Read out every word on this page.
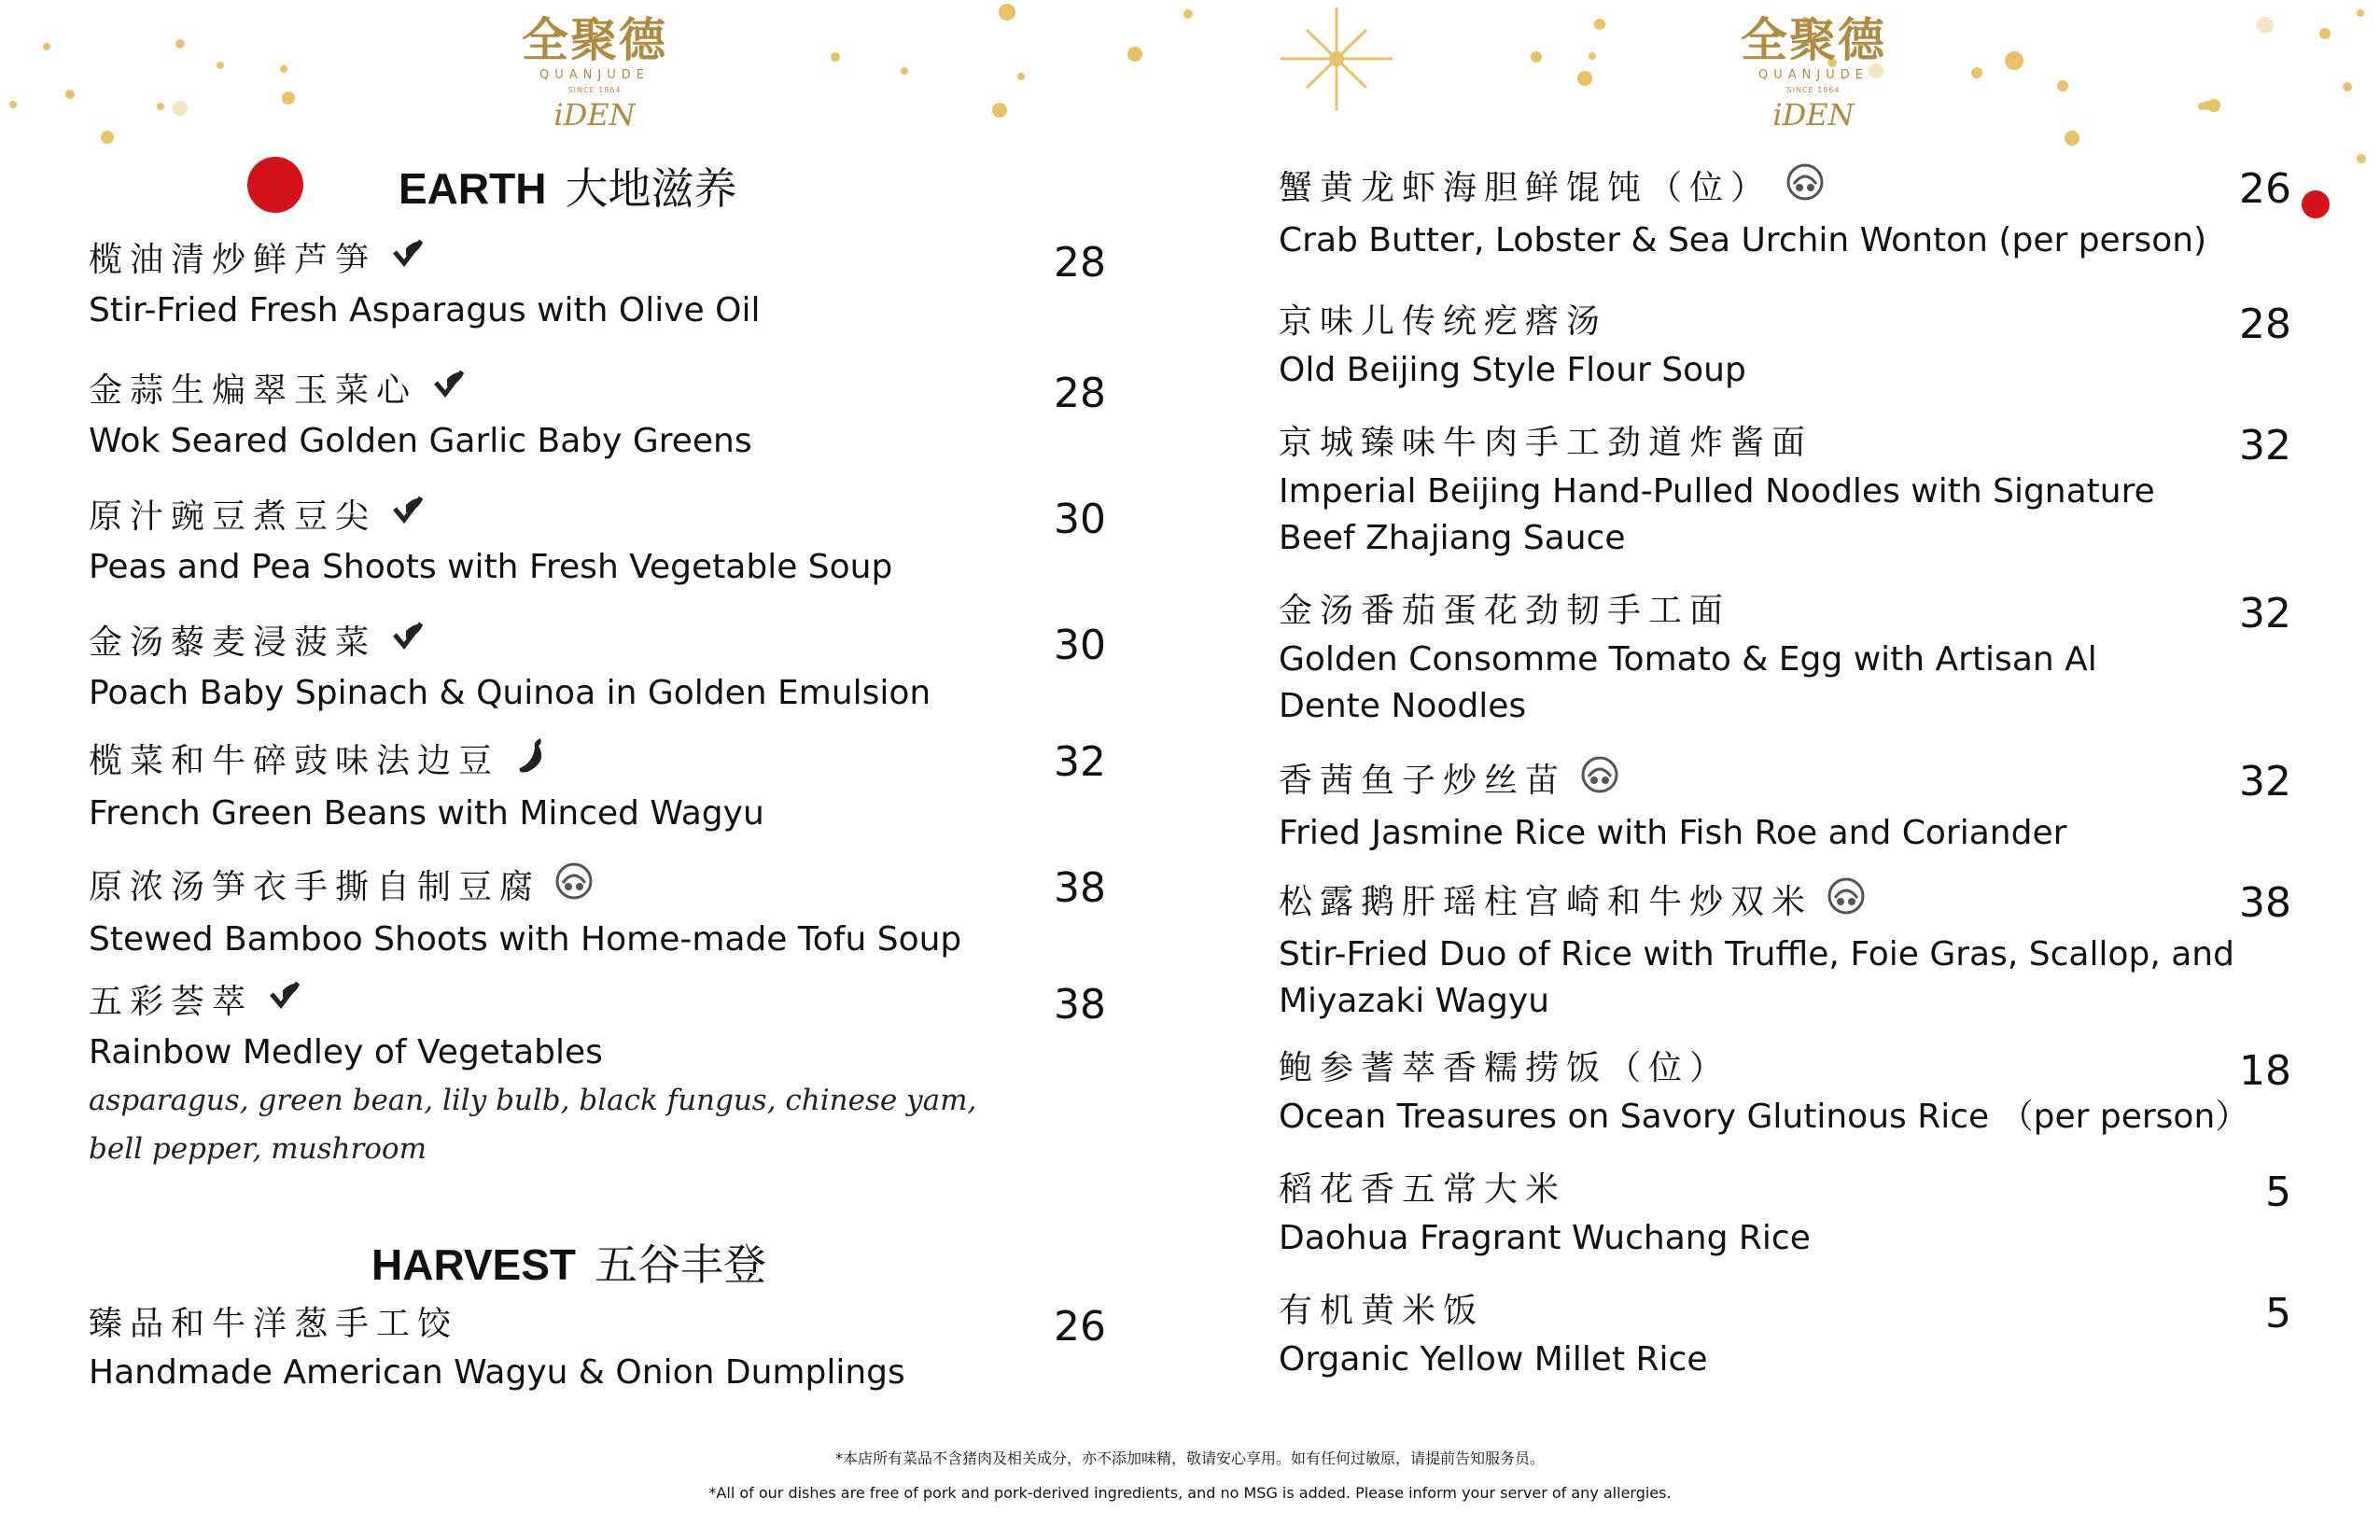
全聚德
QUANJUDE
SINCE 1864
iDEN
全聚德
QUANJUDE
SINCE 1864
iDEN
EARTH 大地滋养
榄油清炒鲜芦笋
Stir-Fried Fresh Asparagus with Olive Oil
28
金蒜生煸翠玉菜心
Wok Seared Golden Garlic Baby Greens
28
原汁豌豆煮豆尖
Peas and Pea Shoots with Fresh Vegetable Soup
30
金汤藜麦浸菠菜
Poach Baby Spinach & Quinoa in Golden Emulsion
30
榄菜和牛碎豉味法边豆
French Green Beans with Minced Wagyu
32
原浓汤笋衣手撕自制豆腐
Stewed Bamboo Shoots with Home-made Tofu Soup
38
五彩荟萃
Rainbow Medley of Vegetables
asparagus, green bean, lily bulb, black fungus, chinese yam, bell pepper, mushroom
38
HARVEST 五谷丰登
臻品和牛洋葱手工饺
Handmade American Wagyu & Onion Dumplings
26
蟹黄龙虾海胆鲜馄饨（位）
Crab Butter, Lobster & Sea Urchin Wonton (per person)
26
京味儿传统疙瘩汤
Old Beijing Style Flour Soup
28
京城臻味牛肉手工劲道炸酱面
Imperial Beijing Hand-Pulled Noodles with Signature Beef Zhajiang Sauce
32
金汤番茄蛋花劲韧手工面
Golden Consomme Tomato & Egg with Artisan Al Dente Noodles
32
香茜鱼子炒丝苗
Fried Jasmine Rice with Fish Roe and Coriander
32
松露鹅肝瑶柱宫崎和牛炒双米
Stir-Fried Duo of Rice with Truffle, Foie Gras, Scallop, and Miyazaki Wagyu
38
鲍参蓍萃香糯捞饭（位）
Ocean Treasures on Savory Glutinous Rice （per person）
18
稻花香五常大米
Daohua Fragrant Wuchang Rice
5
有机黄米饭
Organic Yellow Millet Rice
5
*本店所有菜品不含猪肉及相关成分，亦不添加味精，敬请安心享用。如有任何过敏原，请提前告知服务员。
*All of our dishes are free of pork and pork-derived ingredients, and no MSG is added. Please inform your server of any allergies.
